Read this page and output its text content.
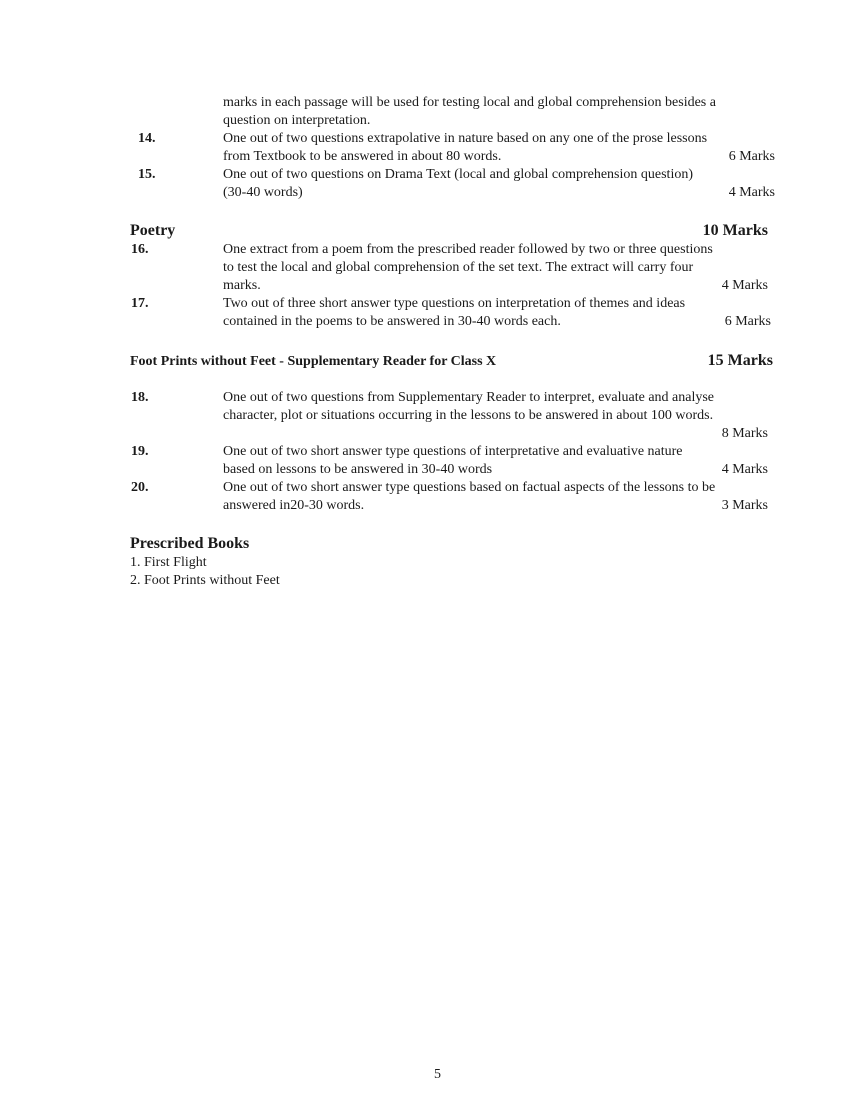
marks in each passage will be used for testing local and global comprehension besides a
question on interpretation.
14.	One out of two questions extrapolative in nature based on any one of the prose lessons
from Textbook to be answered in about 80 words.	6 Marks
15.	One out of two questions on Drama Text (local and global comprehension question)
(30-40 words)	4 Marks
Poetry	10 Marks
16.	One extract from a poem from the prescribed reader followed by two or three questions
to test the local and global comprehension of the set text. The extract will carry four
marks.	4 Marks
17.	Two out of three short answer type questions on interpretation of themes and ideas
contained in the poems to be answered in 30-40 words each.	6 Marks
Foot Prints without Feet - Supplementary Reader for Class X	15 Marks
18.	One out of two questions from Supplementary Reader to interpret, evaluate and analyse
character, plot or situations occurring in the lessons to be answered in about 100 words.
8 Marks
19.	One out of two short answer type questions of interpretative and evaluative nature
based on lessons to be answered in 30-40 words	4 Marks
20.	One out of two short answer type questions based on factual aspects of the lessons to be
answered in20-30 words.	3 Marks
Prescribed Books
1. First Flight
2. Foot Prints without Feet
5
